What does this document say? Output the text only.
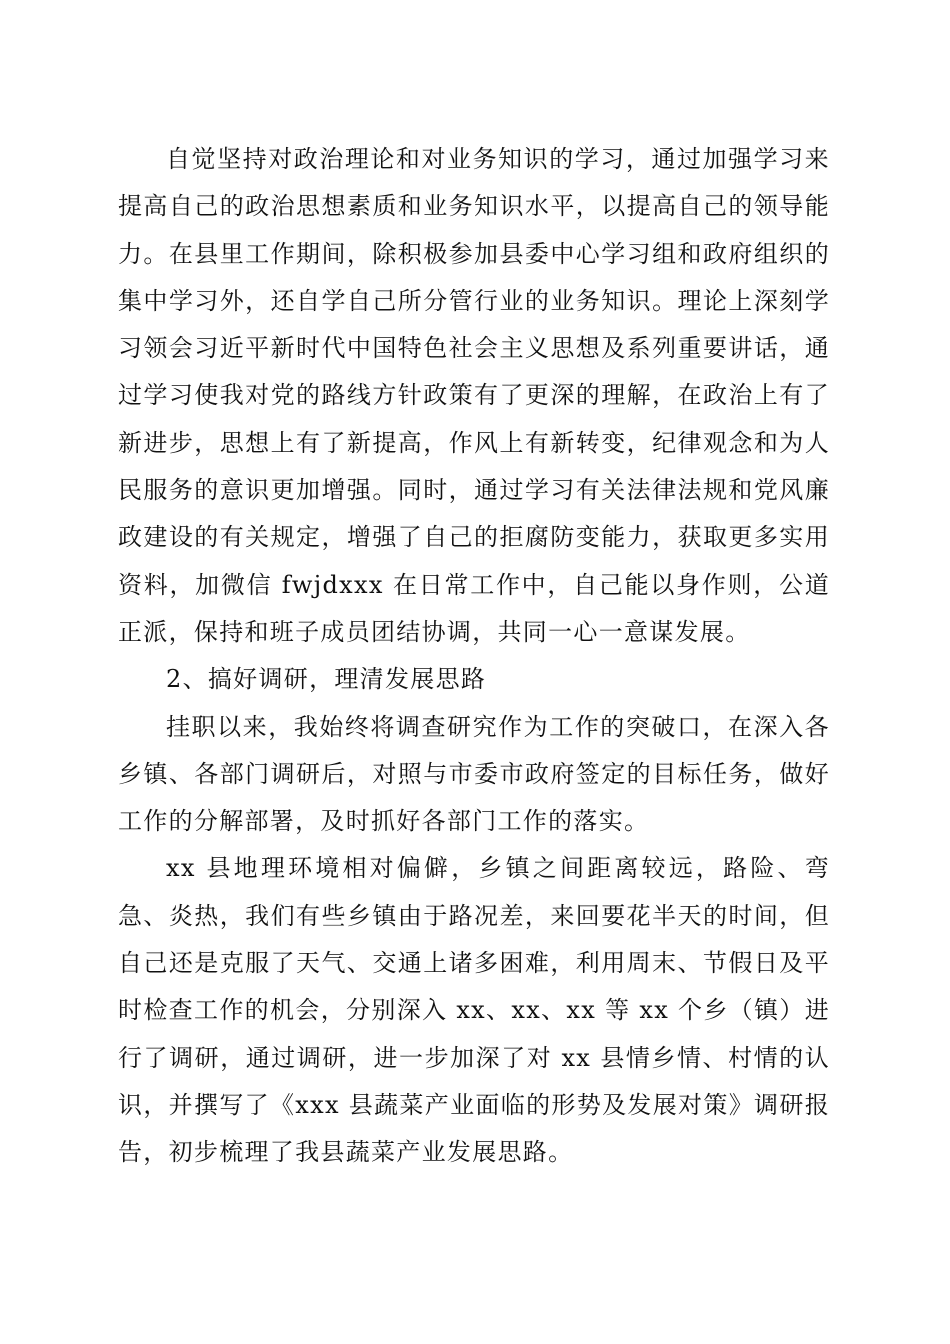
自觉坚持对政治理论和对业务知识的学习，通过加强学习来提高自己的政治思想素质和业务知识水平，以提高自己的领导能力。在县里工作期间，除积极参加县委中心学习组和政府组织的集中学习外，还自学自己所分管行业的业务知识。理论上深刻学习领会习近平新时代中国特色社会主义思想及系列重要讲话，通过学习使我对党的路线方针政策有了更深的理解，在政治上有了新进步，思想上有了新提高，作风上有新转变，纪律观念和为人民服务的意识更加增强。同时，通过学习有关法律法规和党风廉政建设的有关规定，增强了自己的拒腐防变能力，获取更多实用资料，加微信 fwjdxxx 在日常工作中，自己能以身作则，公道正派，保持和班子成员团结协调，共同一心一意谋发展。

2、搞好调研，理清发展思路

挂职以来，我始终将调查研究作为工作的突破口，在深入各乡镇、各部门调研后，对照与市委市政府签定的目标任务，做好工作的分解部署，及时抓好各部门工作的落实。

xx 县地理环境相对偏僻，乡镇之间距离较远，路险、弯急、炎热，我们有些乡镇由于路况差，来回要花半天的时间，但自己还是克服了天气、交通上诸多困难，利用周末、节假日及平时检查工作的机会，分别深入 xx、xx、xx 等 xx 个乡（镇）进行了调研，通过调研，进一步加深了对 xx 县情乡情、村情的认识，并撰写了《xxx 县蔬菜产业面临的形势及发展对策》调研报告，初步梳理了我县蔬菜产业发展思路。
